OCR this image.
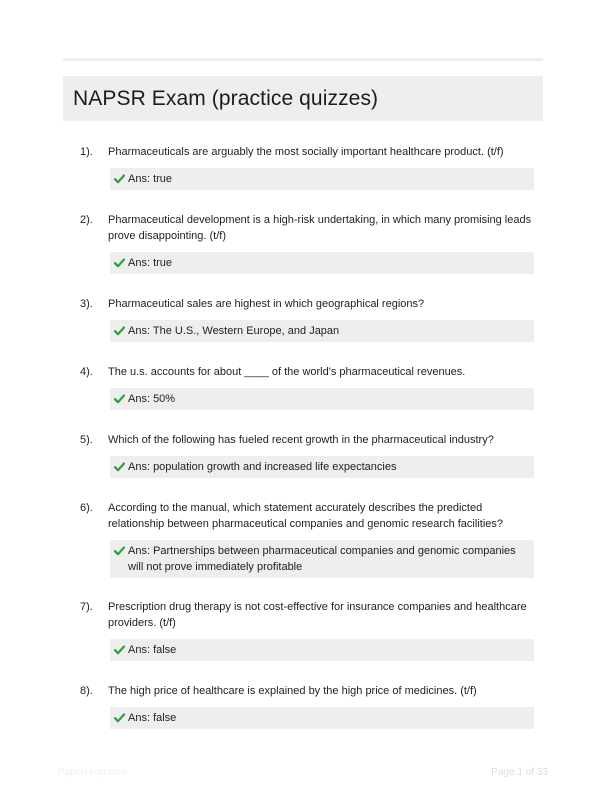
NAPSR Exam (practice quizzes)
1).	Pharmaceuticals are arguably the most socially important healthcare product. (t/f)
Ans: true
2).	Pharmaceutical development is a high-risk undertaking, in which many promising leads prove disappointing. (t/f)
Ans: true
3).	Pharmaceutical sales are highest in which geographical regions?
Ans: The U.S., Western Europe, and Japan
4).	The u.s. accounts for about ____ of the world's pharmaceutical revenues.
Ans: 50%
5).	Which of the following has fueled recent growth in the pharmaceutical industry?
Ans: population growth and increased life expectancies
6).	According to the manual, which statement accurately describes the predicted relationship between pharmaceutical companies and genomic research facilities?
Ans: Partnerships between pharmaceutical companies and genomic companies will not prove immediately profitable
7).	Prescription drug therapy is not cost-effective for insurance companies and healthcare providers. (t/f)
Ans: false
8).	The high price of healthcare is explained by the high price of medicines. (t/f)
Ans: false
PaperHelp.com	Page 1 of 33
